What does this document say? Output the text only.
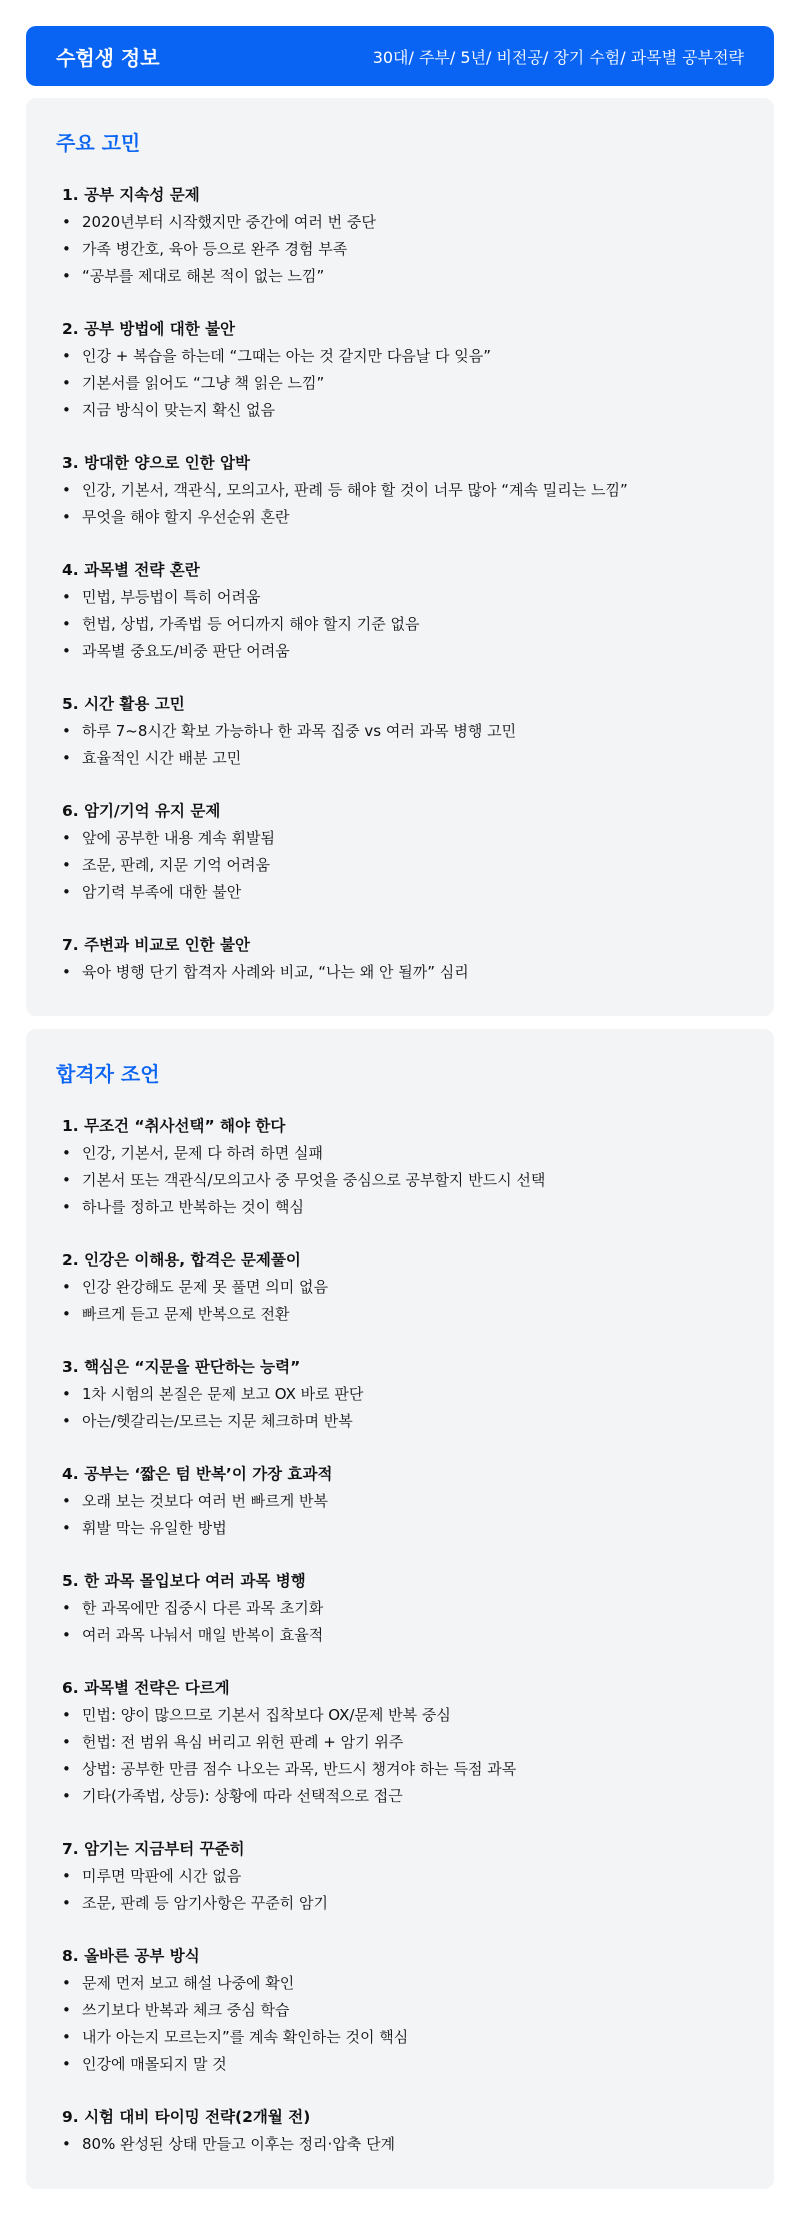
수험생 정보	30대/ 주부/ 5년/ 비전공/ 장기 수험/ 과목별 공부전략
주요 고민
1. 공부 지속성 문제
• 2020년부터 시작했지만 중간에 여러 번 중단
• 가족 병간호, 육아 등으로 완주 경험 부족
• “공부를 제대로 해본 적이 없는 느낌”
2. 공부 방법에 대한 불안
• 인강 + 복습을 하는데 “그때는 아는 것 같지만 다음날 다 잊음”
• 기본서를 읽어도 “그냥 책 읽은 느낌”
• 지금 방식이 맞는지 확신 없음
3. 방대한 양으로 인한 압박
• 인강, 기본서, 객관식, 모의고사, 판례 등 해야 할 것이 너무 많아 “계속 밀리는 느낌”
• 무엇을 해야 할지 우선순위 혼란
4. 과목별 전략 혼란
• 민법, 부등법이 특히 어려움
• 헌법, 상법, 가족법 등 어디까지 해야 할지 기준 없음
• 과목별 중요도/비중 판단 어려움
5. 시간 활용 고민
• 하루 7~8시간 확보 가능하나 한 과목 집중 vs 여러 과목 병행 고민
• 효율적인 시간 배분 고민
6. 암기/기억 유지 문제
• 앞에 공부한 내용 계속 휘발됨
• 조문, 판례, 지문 기억 어려움
• 암기력 부족에 대한 불안
7. 주변과 비교로 인한 불안
• 육아 병행 단기 합격자 사례와 비교, “나는 왜 안 될까” 심리
합격자 조언
1. 무조건 “취사선택” 해야 한다
• 인강, 기본서, 문제 다 하려 하면 실패
• 기본서 또는 객관식/모의고사 중 무엇을 중심으로 공부할지 반드시 선택
• 하나를 정하고 반복하는 것이 핵심
2. 인강은 이해용, 합격은 문제풀이
• 인강 완강해도 문제 못 풀면 의미 없음
• 빠르게 듣고 문제 반복으로 전환
3. 핵심은 “지문을 판단하는 능력”
• 1차 시험의 본질은 문제 보고 OX 바로 판단
• 아는/헷갈리는/모르는 지문 체크하며 반복
4. 공부는 ‘짧은 텀 반복’이 가장 효과적
• 오래 보는 것보다 여러 번 빠르게 반복
• 휘발 막는 유일한 방법
5. 한 과목 몰입보다 여러 과목 병행
• 한 과목에만 집중시 다른 과목 초기화
• 여러 과목 나눠서 매일 반복이 효율적
6. 과목별 전략은 다르게
• 민법: 양이 많으므로 기본서 집착보다 OX/문제 반복 중심
• 헌법: 전 범위 욕심 버리고 위헌 판례 + 암기 위주
• 상법: 공부한 만큼 점수 나오는 과목, 반드시 챙겨야 하는 득점 과목
• 기타(가족법, 상등): 상황에 따라 선택적으로 접근
7. 암기는 지금부터 꾸준히
• 미루면 막판에 시간 없음
• 조문, 판례 등 암기사항은 꾸준히 암기
8. 올바른 공부 방식
• 문제 먼저 보고 해설 나중에 확인
• 쓰기보다 반복과 체크 중심 학습
• 내가 아는지 모르는지”를 계속 확인하는 것이 핵심
• 인강에 매몰되지 말 것
9. 시험 대비 타이밍 전략(2개월 전)
• 80% 완성된 상태 만들고 이후는 정리·압축 단계
